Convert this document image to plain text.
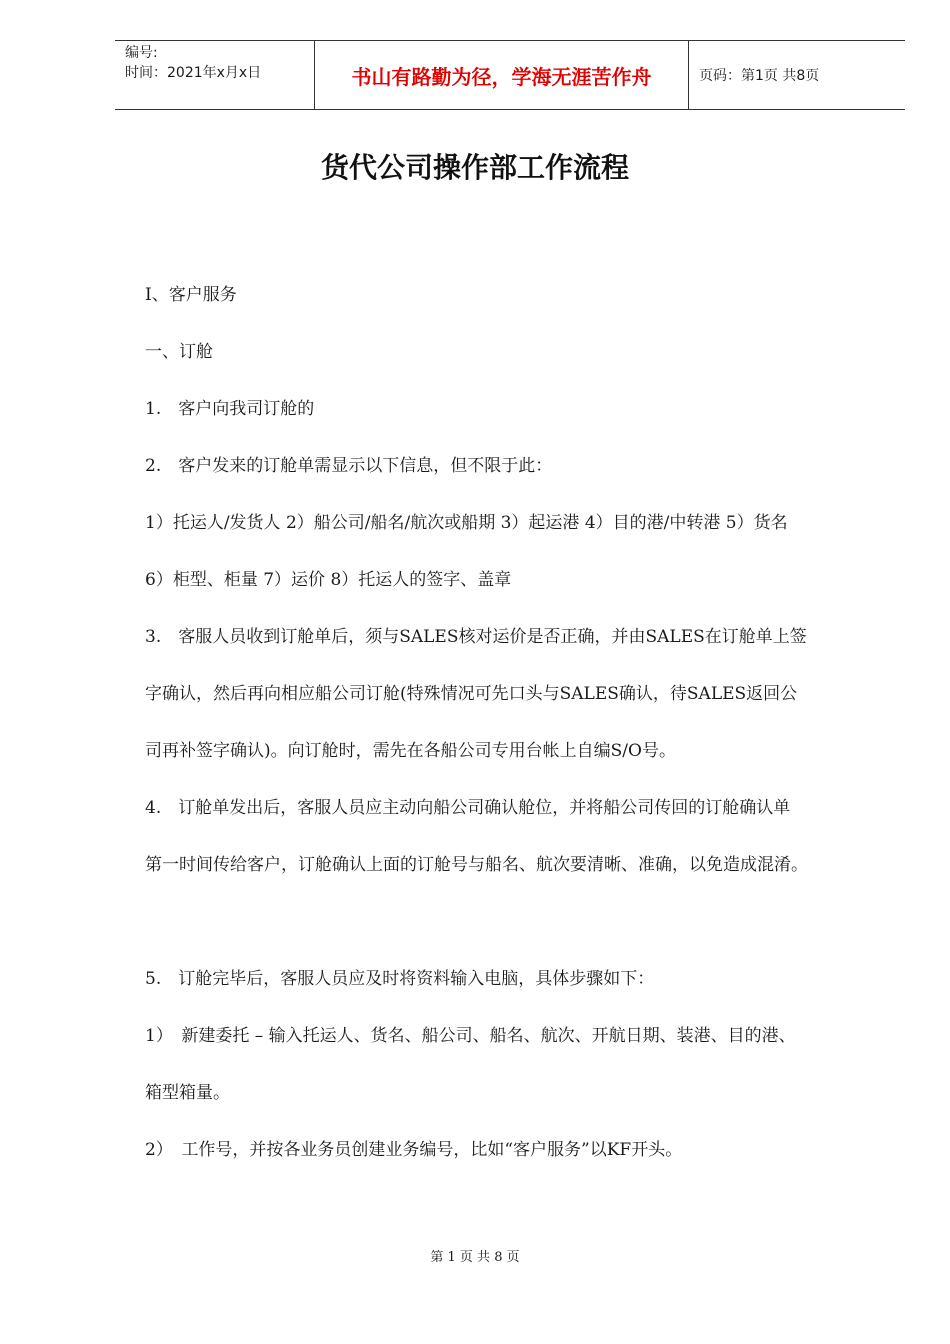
编号:
时间：2021年x月x日	书山有路勤为径，学海无涯苦作舟	页码：第1页 共8页
货代公司操作部工作流程
I、客户服务
一、订舱
1.　客户向我司订舱的
2.　客户发来的订舱单需显示以下信息，但不限于此：
1）托运人/发货人 2）船公司/船名/航次或船期 3）起运港 4）目的港/中转港 5）货名
6）柜型、柜量 7）运价 8）托运人的签字、盖章
3.　客服人员收到订舱单后，须与SALES核对运价是否正确，并由SALES在订舱单上签
字确认，然后再向相应船公司订舱(特殊情况可先口头与SALES确认，待SALES返回公
司再补签字确认)。向订舱时，需先在各船公司专用台帐上自编S/O号。
4.　订舱单发出后，客服人员应主动向船公司确认舱位，并将船公司传回的订舱确认单
第一时间传给客户，订舱确认上面的订舱号与船名、航次要清晰、准确，以免造成混淆。
5.　订舱完毕后，客服人员应及时将资料输入电脑，具体步骤如下：
1）　新建委托 – 输入托运人、货名、船公司、船名、航次、开航日期、装港、目的港、
箱型箱量。
2）　工作号，并按各业务员创建业务编号，比如“客户服务”以KF开头。
第 1 页 共 8 页
